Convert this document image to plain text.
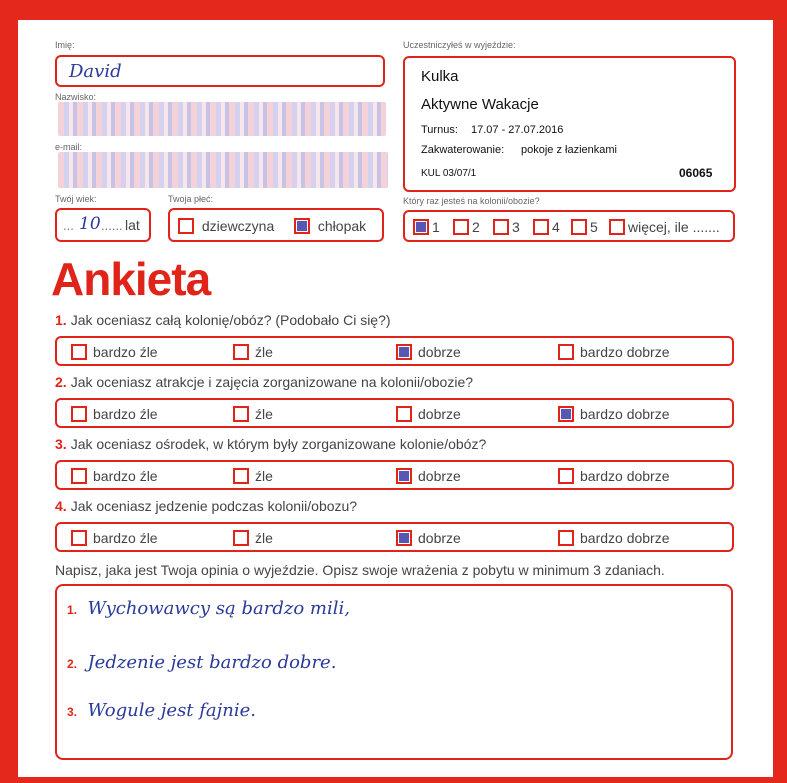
Imię:
David
Nazwisko:
e-mail:
Twój wiek:
... 10 ...... lat
Twoja płeć:
dziewczyna	chłopak
Uczestniczyłeś w wyjeździe:
Kulka
Aktywne Wakacje
Turnus: 17.07 - 27.07.2016
Zakwaterowanie: pokoje z łazienkami
KUL 03/07/1	06065
Który raz jesteś na kolonii/obozie?
1	2	3	4	5	więcej, ile .......
Ankieta
1. Jak oceniasz całą kolonię/obóz? (Podobało Ci się?)
bardzo źle	źle	dobrze	bardzo dobrze
2. Jak oceniasz atrakcje i zajęcia zorganizowane na kolonii/obozie?
bardzo źle	źle	dobrze	bardzo dobrze
3. Jak oceniasz ośrodek, w którym były zorganizowane kolonie/obóz?
bardzo źle	źle	dobrze	bardzo dobrze
4. Jak oceniasz jedzenie podczas kolonii/obozu?
bardzo źle	źle	dobrze	bardzo dobrze
Napisz, jaka jest Twoja opinia o wyjeździe. Opisz swoje wrażenia z pobytu w minimum 3 zdaniach.
1. Wychowawcy są bardzo mili,
2. Jedzenie jest bardzo dobre.
3. Wogule jest fajnie.
